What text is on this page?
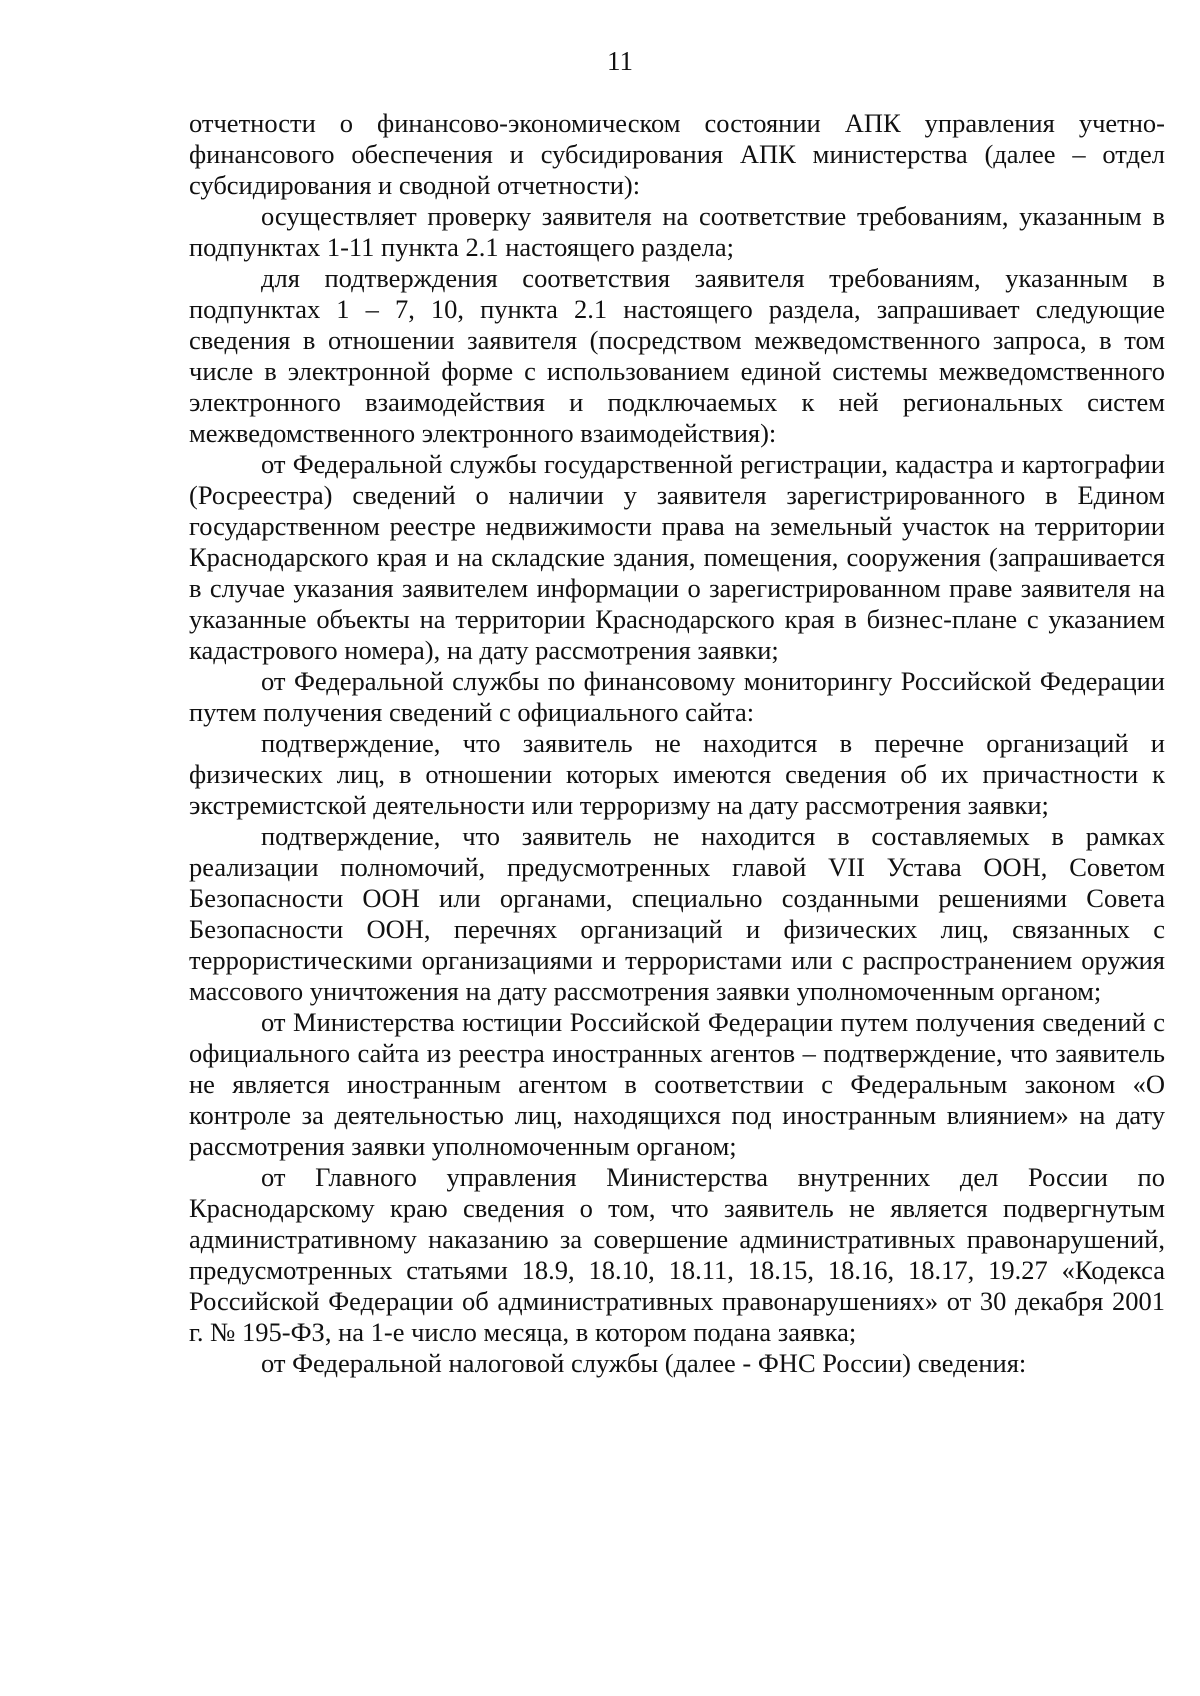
11

отчетности о финансово-экономическом состоянии АПК управления учетно-финансового обеспечения и субсидирования АПК министерства (далее – отдел субсидирования и сводной отчетности):

осуществляет проверку заявителя на соответствие требованиям, указанным в подпунктах 1-11 пункта 2.1 настоящего раздела;

для подтверждения соответствия заявителя требованиям, указанным в подпунктах 1 – 7, 10, пункта 2.1 настоящего раздела, запрашивает следующие сведения в отношении заявителя (посредством межведомственного запроса, в том числе в электронной форме с использованием единой системы межведомственного электронного взаимодействия и подключаемых к ней региональных систем межведомственного электронного взаимодействия):

от Федеральной службы государственной регистрации, кадастра и картографии (Росреестра) сведений о наличии у заявителя зарегистрированного в Едином государственном реестре недвижимости права на земельный участок на территории Краснодарского края и на складские здания, помещения, сооружения (запрашивается в случае указания заявителем информации о зарегистрированном праве заявителя на указанные объекты на территории Краснодарского края в бизнес-плане с указанием кадастрового номера), на дату рассмотрения заявки;

от Федеральной службы по финансовому мониторингу Российской Федерации путем получения сведений с официального сайта:

подтверждение, что заявитель не находится в перечне организаций и физических лиц, в отношении которых имеются сведения об их причастности к экстремистской деятельности или терроризму на дату рассмотрения заявки;

подтверждение, что заявитель не находится в составляемых в рамках реализации полномочий, предусмотренных главой VII Устава ООН, Советом Безопасности ООН или органами, специально созданными решениями Совета Безопасности ООН, перечнях организаций и физических лиц, связанных с террористическими организациями и террористами или с распространением оружия массового уничтожения на дату рассмотрения заявки уполномоченным органом;

от Министерства юстиции Российской Федерации путем получения сведений с официального сайта из реестра иностранных агентов – подтверждение, что заявитель не является иностранным агентом в соответствии с Федеральным законом «О контроле за деятельностью лиц, находящихся под иностранным влиянием» на дату рассмотрения заявки уполномоченным органом;

от Главного управления Министерства внутренних дел России по Краснодарскому краю сведения о том, что заявитель не является подвергнутым административному наказанию за совершение административных правонарушений, предусмотренных статьями 18.9, 18.10, 18.11, 18.15, 18.16, 18.17, 19.27 «Кодекса Российской Федерации об административных правонарушениях» от 30 декабря 2001 г. № 195-ФЗ, на 1-е число месяца, в котором подана заявка;

от Федеральной налоговой службы (далее - ФНС России) сведения:
